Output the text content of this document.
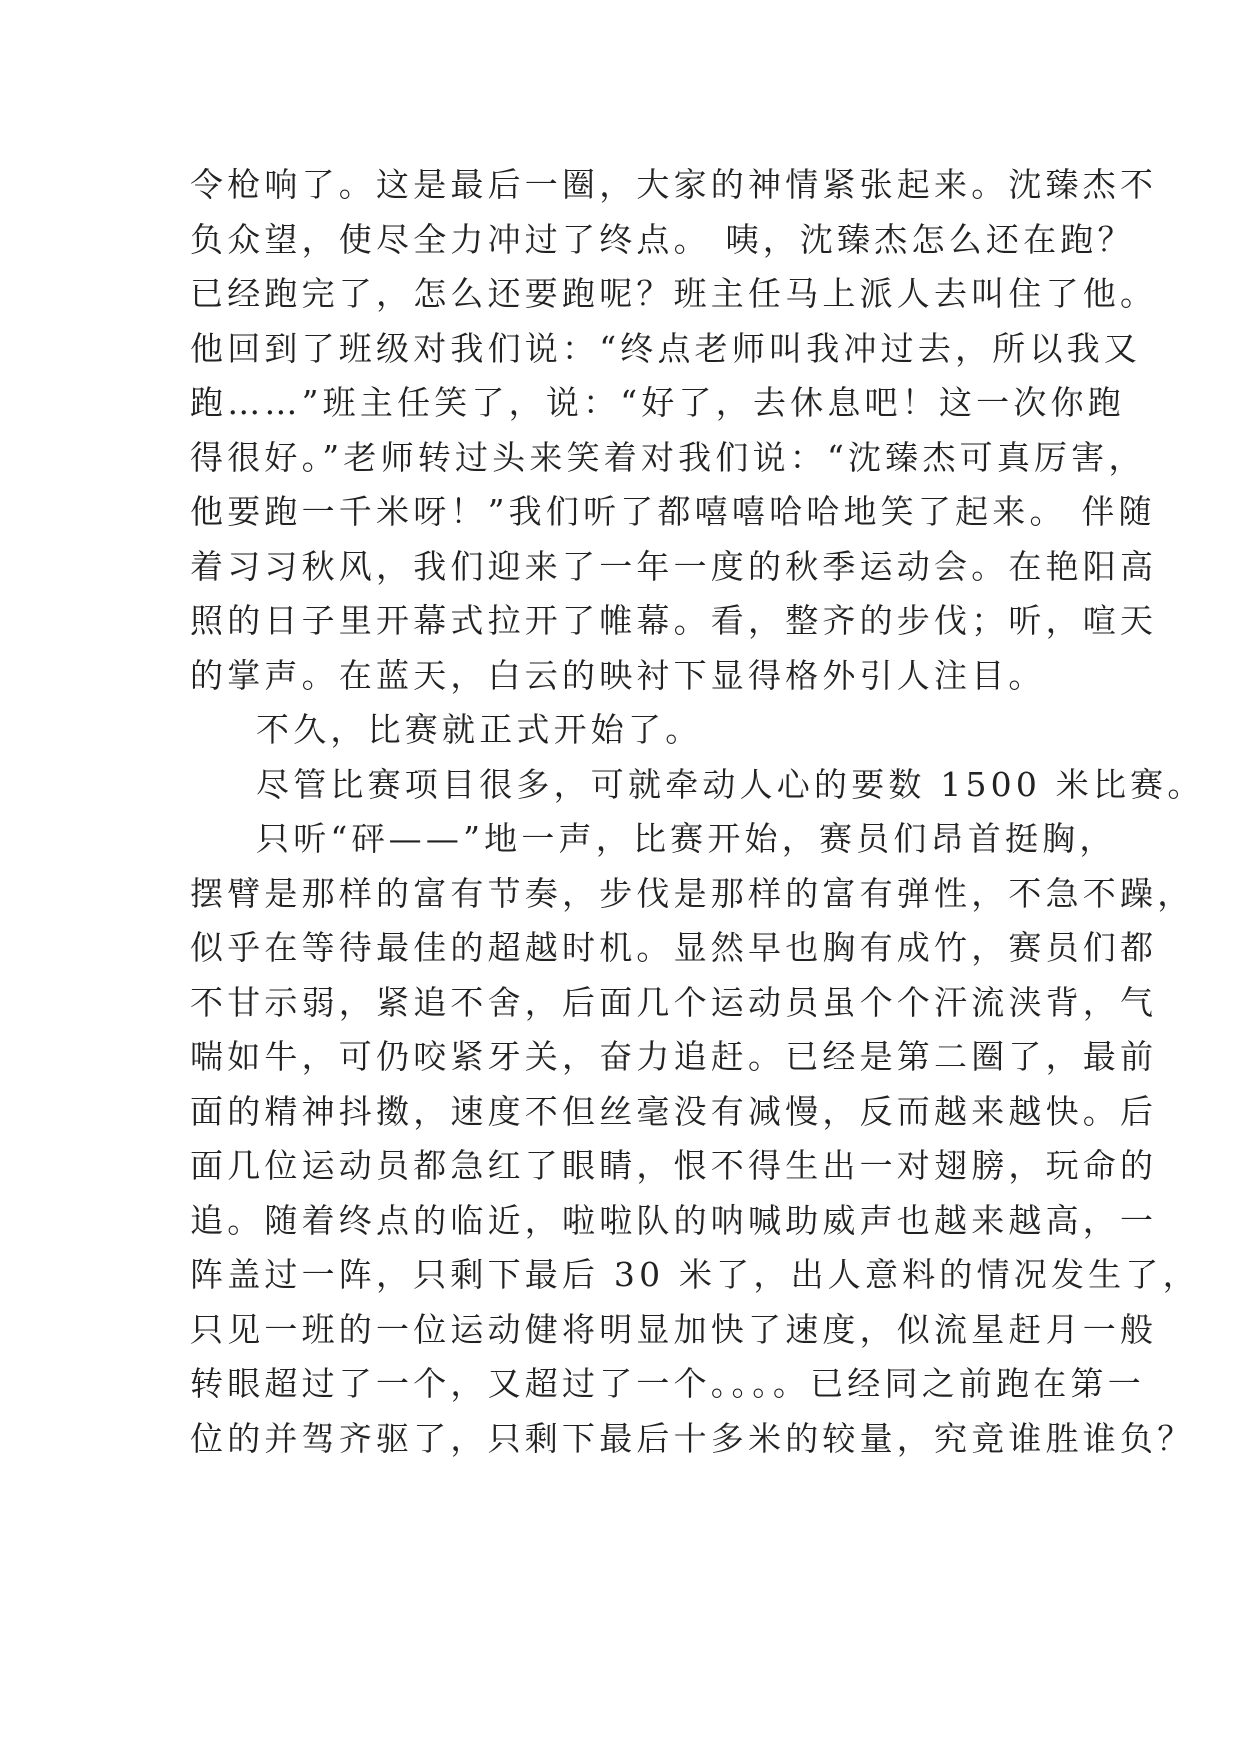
令枪响了。这是最后一圈，大家的神情紧张起来。沈臻杰不
负众望，使尽全力冲过了终点。 咦，沈臻杰怎么还在跑？
已经跑完了，怎么还要跑呢？班主任马上派人去叫住了他。
他回到了班级对我们说：“终点老师叫我冲过去，所以我又
跑……”班主任笑了，说：“好了，去休息吧！这一次你跑
得很好。”老师转过头来笑着对我们说：“沈臻杰可真厉害，
他要跑一千米呀！”我们听了都嘻嘻哈哈地笑了起来。 伴随
着习习秋风，我们迎来了一年一度的秋季运动会。在艳阳高
照的日子里开幕式拉开了帷幕。看，整齐的步伐；听，喧天
的掌声。在蓝天，白云的映衬下显得格外引人注目。
不久，比赛就正式开始了。
尽管比赛项目很多，可就牵动人心的要数 1500 米比赛。
只听“砰——”地一声，比赛开始，赛员们昂首挺胸，
摆臂是那样的富有节奏，步伐是那样的富有弹性，不急不躁，
似乎在等待最佳的超越时机。显然早也胸有成竹，赛员们都
不甘示弱，紧追不舍，后面几个运动员虽个个汗流浃背，气
喘如牛，可仍咬紧牙关，奋力追赶。已经是第二圈了，最前
面的精神抖擞，速度不但丝毫没有减慢，反而越来越快。后
面几位运动员都急红了眼睛，恨不得生出一对翅膀，玩命的
追。随着终点的临近，啦啦队的呐喊助威声也越来越高，一
阵盖过一阵，只剩下最后 30 米了，出人意料的情况发生了，
只见一班的一位运动健将明显加快了速度，似流星赶月一般
转眼超过了一个，又超过了一个。。。。已经同之前跑在第一
位的并驾齐驱了，只剩下最后十多米的较量，究竟谁胜谁负？
